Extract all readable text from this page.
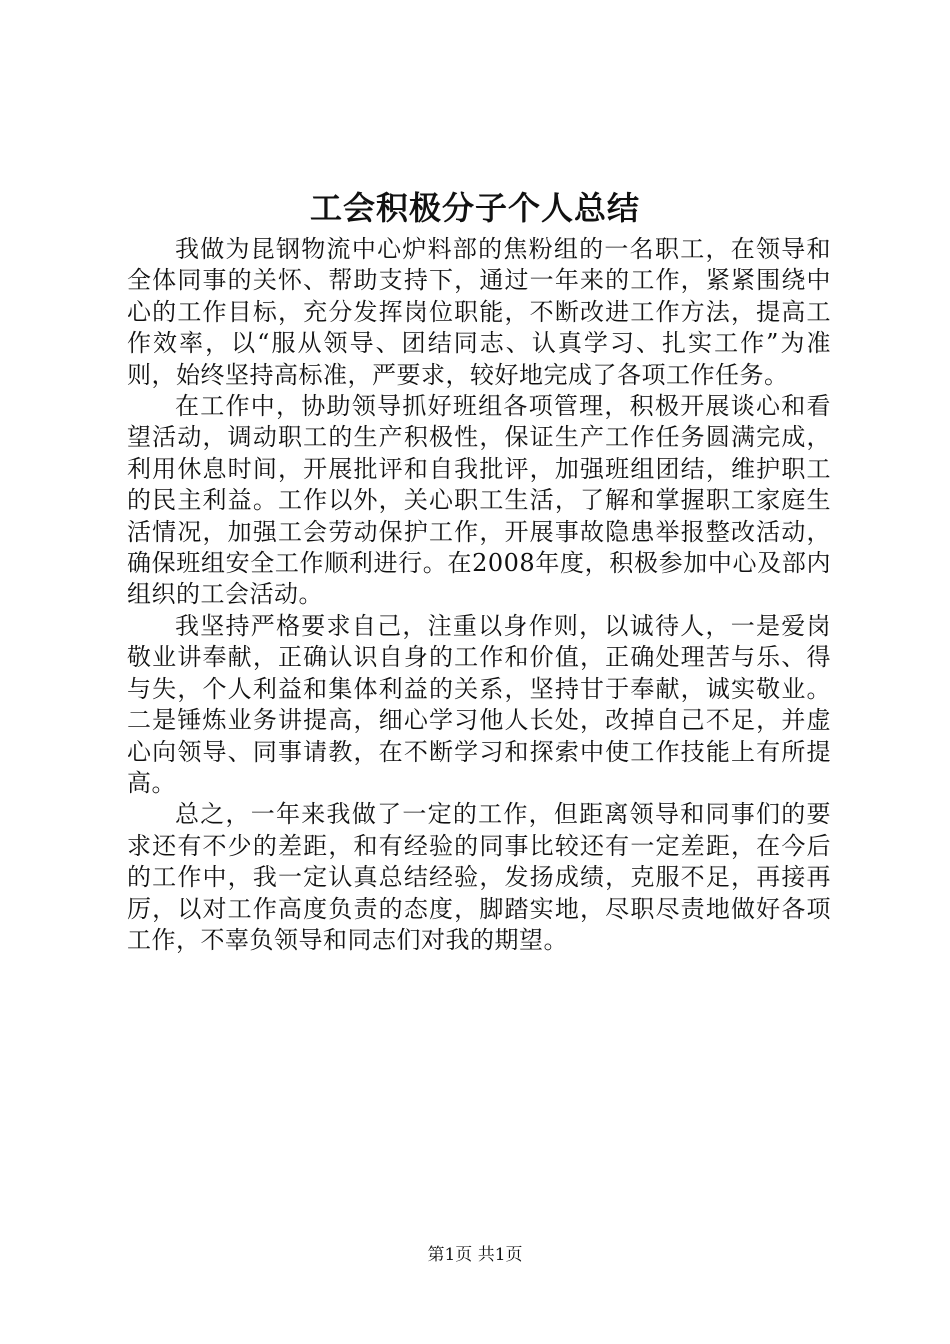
工会积极分子个人总结

我做为昆钢物流中心炉料部的焦粉组的一名职工，在领导和全体同事的关怀、帮助支持下，通过一年来的工作，紧紧围绕中心的工作目标，充分发挥岗位职能，不断改进工作方法，提高工作效率，以“服从领导、团结同志、认真学习、扎实工作”为准则，始终坚持高标准，严要求，较好地完成了各项工作任务。

在工作中，协助领导抓好班组各项管理，积极开展谈心和看望活动，调动职工的生产积极性，保证生产工作任务圆满完成，利用休息时间，开展批评和自我批评，加强班组团结，维护职工的民主利益。工作以外，关心职工生活，了解和掌握职工家庭生活情况，加强工会劳动保护工作，开展事故隐患举报整改活动，确保班组安全工作顺利进行。在2008年度，积极参加中心及部内组织的工会活动。

我坚持严格要求自己，注重以身作则，以诚待人，一是爱岗敬业讲奉献，正确认识自身的工作和价值，正确处理苦与乐、得与失，个人利益和集体利益的关系，坚持甘于奉献，诚实敬业。二是锤炼业务讲提高，细心学习他人长处，改掉自己不足，并虚心向领导、同事请教，在不断学习和探索中使工作技能上有所提高。

总之，一年来我做了一定的工作，但距离领导和同事们的要求还有不少的差距，和有经验的同事比较还有一定差距，在今后的工作中，我一定认真总结经验，发扬成绩，克服不足，再接再厉，以对工作高度负责的态度，脚踏实地，尽职尽责地做好各项工作，不辜负领导和同志们对我的期望。

第1页 共1页
